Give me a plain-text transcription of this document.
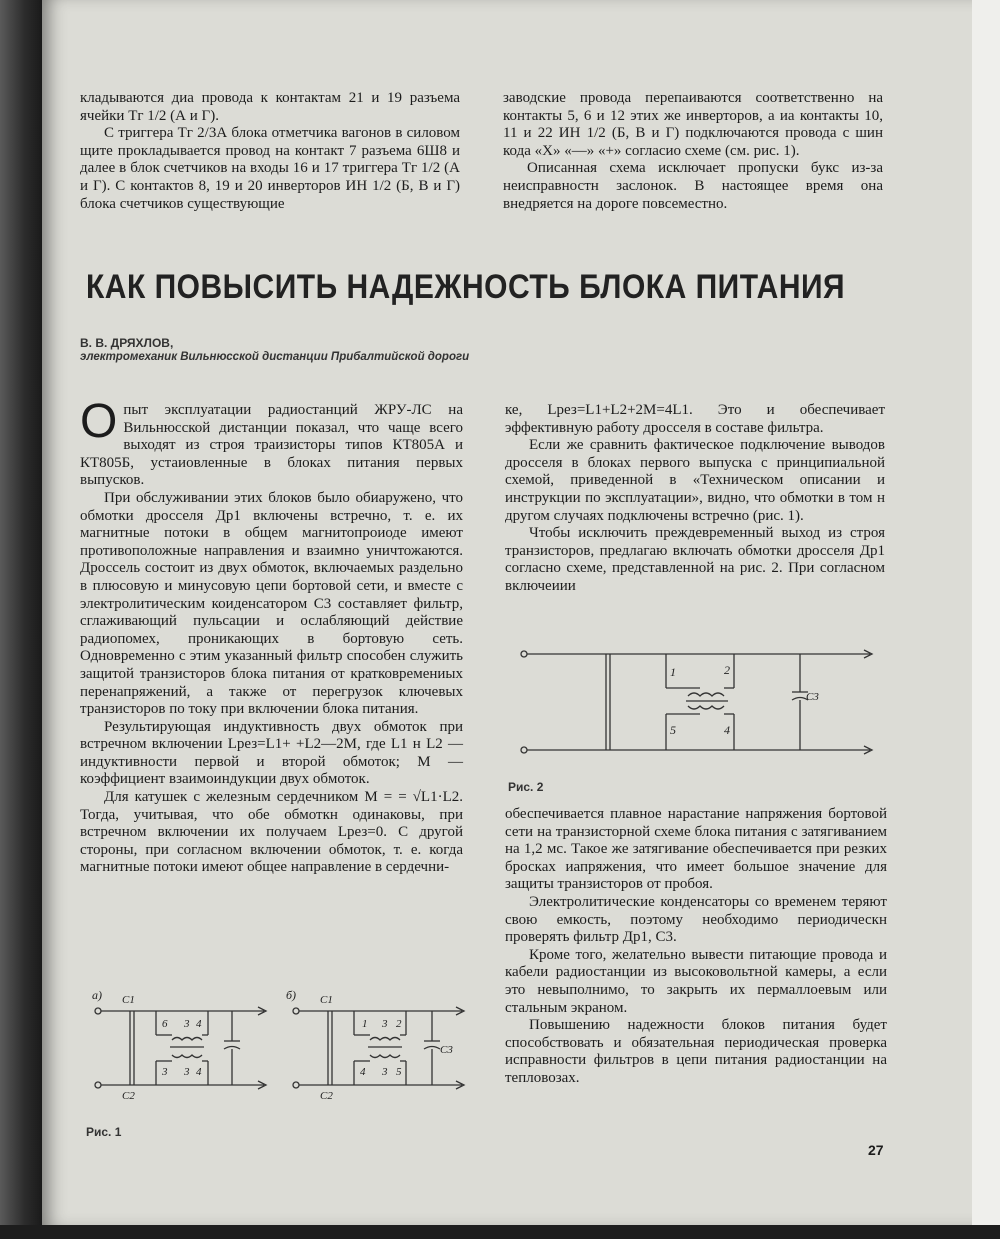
кладываются диа провода к контактам 21 и 19 разъема ячейки Тг 1/2 (А и Г).

С триггера Тг 2/3А блока отметчика вагонов в силовом щите прокладывается провод на контакт 7 разъема 6Ш8 и далее в блок счетчиков на входы 16 и 17 триггера Тг 1/2 (А и Г). С контактов 8, 19 и 20 инверторов ИН 1/2 (Б, В и Г) блока счетчиков существующие

заводские провода перепаиваются соответственно на контакты 5, 6 и 12 этих же инверторов, а иа контакты 10, 11 и 22 ИН 1/2 (Б, В и Г) подключаются провода с шин кода «X» «—» «+» согласио схеме (см. рис. 1).

Описанная схема исключает пропуски букс из-за неисправностн заслонок. В настоящее время она внедряется на дороге повсеместно.

КАК ПОВЫСИТЬ НАДЕЖНОСТЬ БЛОКА ПИТАНИЯ
В. В. ДРЯХЛОВ,
электромеханик Вильнюсской дистанции Прибалтийской дороги

Опыт эксплуатации радиостанций ЖРУ-ЛС на Вильнюсской дистанции показал, что чаще всего выходят из строя траизисторы типов КТ805А и КТ805Б, устаиовленные в блоках питания первых выпусков.

При обслуживании этих блоков было обиаружено, что обмотки дросселя Др1 включены встречно, т. е. их магнитные потоки в общем магнитопроиоде имеют противоположные направления и взаимно уничтожаются. Дроссель состоит из двух обмоток, включаемых раздельно в плюсовую и минусовую цепи бортовой сети, и вместе с электролитическим коиденсатором С3 составляет фильтр, сглаживающий пульсации и ослабляющий действие радиопомех, проникающих в бортовую сеть. Одновременно с этим указанный фильтр способен служить защитой транзисторов блока питания от кратковремениых перенапряжений, а также от перегрузок ключевых транзисторов по току при включении блока питания.

Результирующая индуктивность двух обмоток при встречном включении Lрез=L1+ +L2—2M, где L1 н L2 — индуктивности первой и второй обмоток; М — коэффициент взаимоиндукции двух обмоток.

Для катушек с железным сердечником M = = √L1·L2. Тогда, учитывая, что обе обмоткн одинаковы, при встречном включении их получаем Lрез=0. С другой стороны, при согласном включении обмоток, т. е. когда магнитные потоки имеют общее направление в сердечни-

ке, Lрез=L1+L2+2M=4L1. Это и обеспечивает эффективную работу дросселя в составе фильтра.

Если же сравнить фактическое подключение выводов дросселя в блоках первого выпуска с принципиальной схемой, приведенной в «Техническом описании и инструкции по эксплуатации», видно, что обмотки в том н другом случаях подключены встречно (рис. 1).

Чтобы исключить преждевременный выход из строя транзисторов, предлагаю включать обмотки дросселя Др1 согласно схеме, представленной на рис. 2. При согласном включеиии

1	2
5	4
С3
Рис. 2

обеспечивается плавное нарастание напряжения бортовой сети на транзисторной схеме блока питания с затягиванием на 1,2 мс. Такое же затягивание обеспечивается при резких бросках иапряжения, что имеет большое значение для защиты транзисторов от пробоя.

Электролитические конденсаторы со временем теряют свою емкость, поэтому необходимо периодическн проверять фильтр Др1, С3.

Кроме того, желательно вывести питающие провода и кабели радиостанции из высоковольтной камеры, а если это невыполнимо, то закрыть их пермаллоевым или стальным экраном.

Повышению надежности блоков питания будет способствовать и обязательная периодическая проверка исправности фильтров в цепи питания радиостанции на тепловозах.

а) С1
С2
6 3 4
3 3 4
б) С1
С2
С3
1 3 2
4 3 5
Рис. 1
27
